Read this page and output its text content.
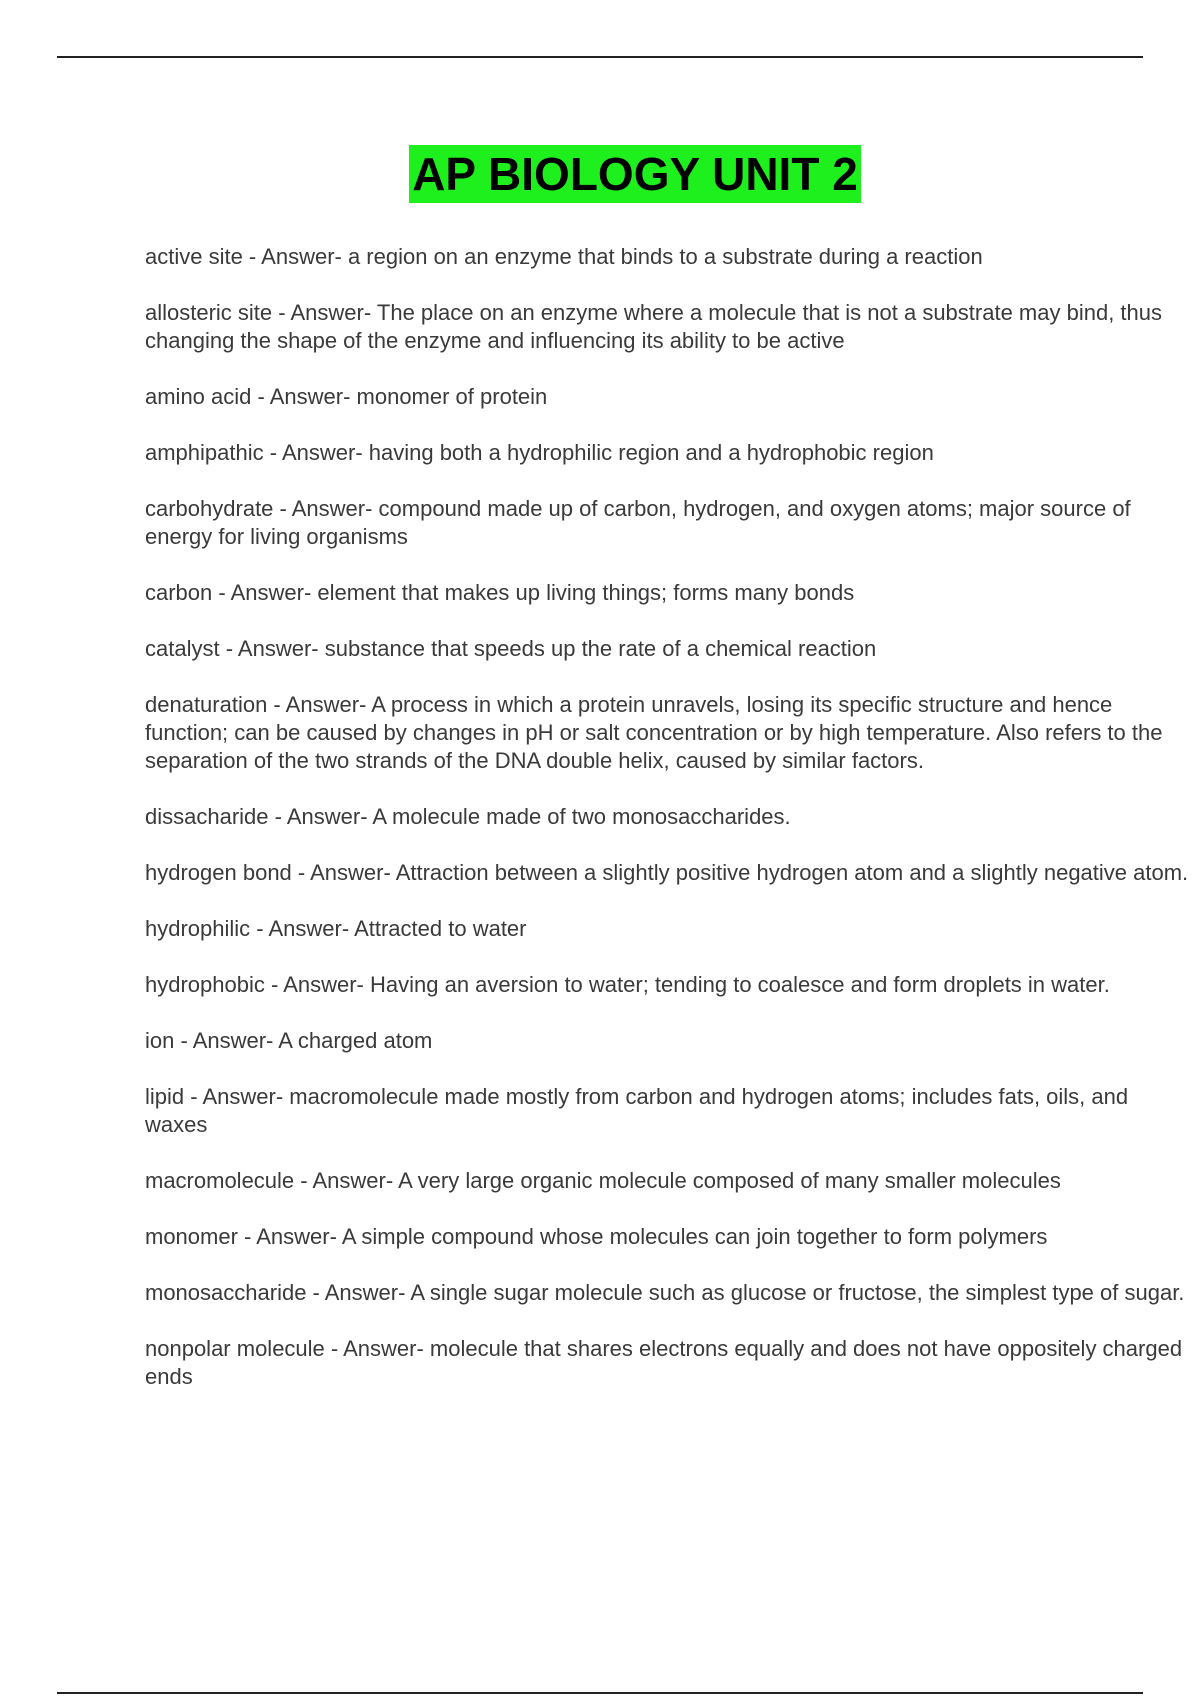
AP BIOLOGY UNIT 2
active site - Answer- a region on an enzyme that binds to a substrate during a reaction
allosteric site - Answer- The place on an enzyme where a molecule that is not a substrate may bind, thus changing the shape of the enzyme and influencing its ability to be active
amino acid - Answer- monomer of protein
amphipathic - Answer- having both a hydrophilic region and a hydrophobic region
carbohydrate - Answer- compound made up of carbon, hydrogen, and oxygen atoms; major source of energy for living organisms
carbon - Answer- element that makes up living things; forms many bonds
catalyst - Answer- substance that speeds up the rate of a chemical reaction
denaturation - Answer- A process in which a protein unravels, losing its specific structure and hence function; can be caused by changes in pH or salt concentration or by high temperature. Also refers to the separation of the two strands of the DNA double helix, caused by similar factors.
dissacharide - Answer- A molecule made of two monosaccharides.
hydrogen bond - Answer- Attraction between a slightly positive hydrogen atom and a slightly negative atom.
hydrophilic - Answer- Attracted to water
hydrophobic - Answer- Having an aversion to water; tending to coalesce and form droplets in water.
ion - Answer- A charged atom
lipid - Answer- macromolecule made mostly from carbon and hydrogen atoms; includes fats, oils, and waxes
macromolecule - Answer- A very large organic molecule composed of many smaller molecules
monomer - Answer- A simple compound whose molecules can join together to form polymers
monosaccharide - Answer- A single sugar molecule such as glucose or fructose, the simplest type of sugar.
nonpolar molecule - Answer- molecule that shares electrons equally and does not have oppositely charged ends
